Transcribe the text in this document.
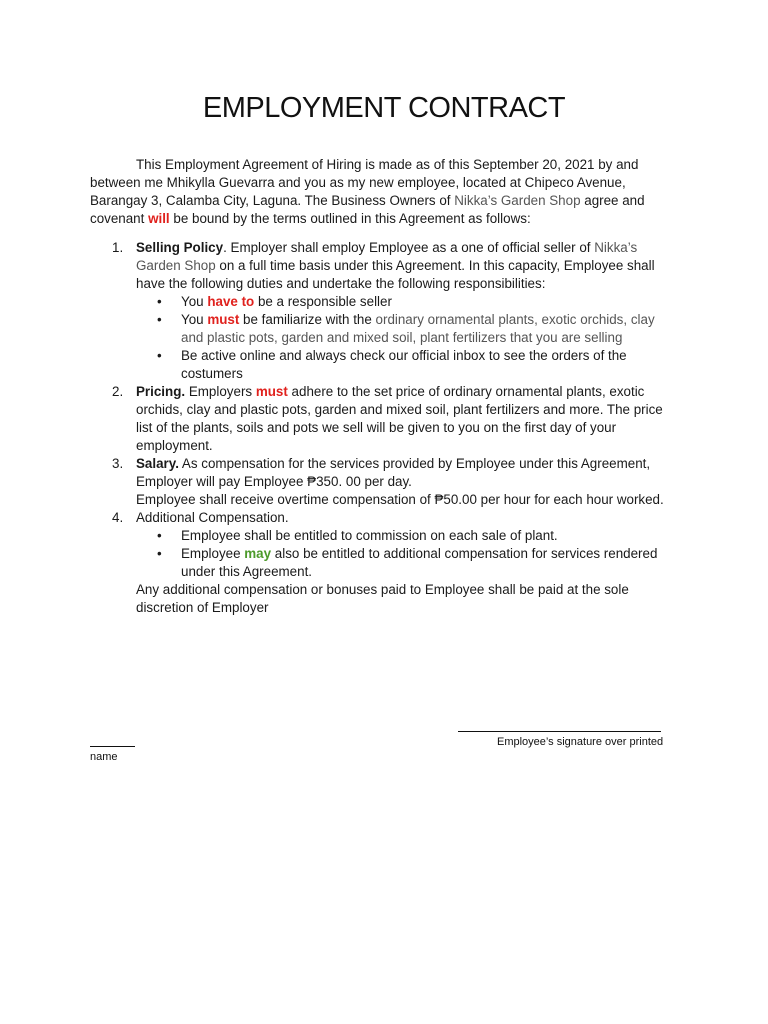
EMPLOYMENT CONTRACT

This Employment Agreement of Hiring is made as of this September 20, 2021 by and between me Mhikylla Guevarra and you as my new employee, located at Chipeco Avenue, Barangay 3, Calamba City, Laguna. The Business Owners of Nikka’s Garden Shop agree and covenant will be bound by the terms outlined in this Agreement as follows:

1. Selling Policy. Employer shall employ Employee as a one of official seller of Nikka’s Garden Shop on a full time basis under this Agreement. In this capacity, Employee shall have the following duties and undertake the following responsibilities:
• You have to be a responsible seller
• You must be familiarize with the ordinary ornamental plants, exotic orchids, clay and plastic pots, garden and mixed soil, plant fertilizers that you are selling
• Be active online and always check our official inbox to see the orders of the costumers
2. Pricing. Employers must adhere to the set price of ordinary ornamental plants, exotic orchids, clay and plastic pots, garden and mixed soil, plant fertilizers and more. The price list of the plants, soils and pots we sell will be given to you on the first day of your employment.
3. Salary. As compensation for the services provided by Employee under this Agreement, Employer will pay Employee ₱350. 00 per day.
Employee shall receive overtime compensation of ₱50.00 per hour for each hour worked.
4. Additional Compensation.
• Employee shall be entitled to commission on each sale of plant.
• Employee may also be entitled to additional compensation for services rendered under this Agreement.
Any additional compensation or bonuses paid to Employee shall be paid at the sole discretion of Employer
Employee’s signature over printed
name
